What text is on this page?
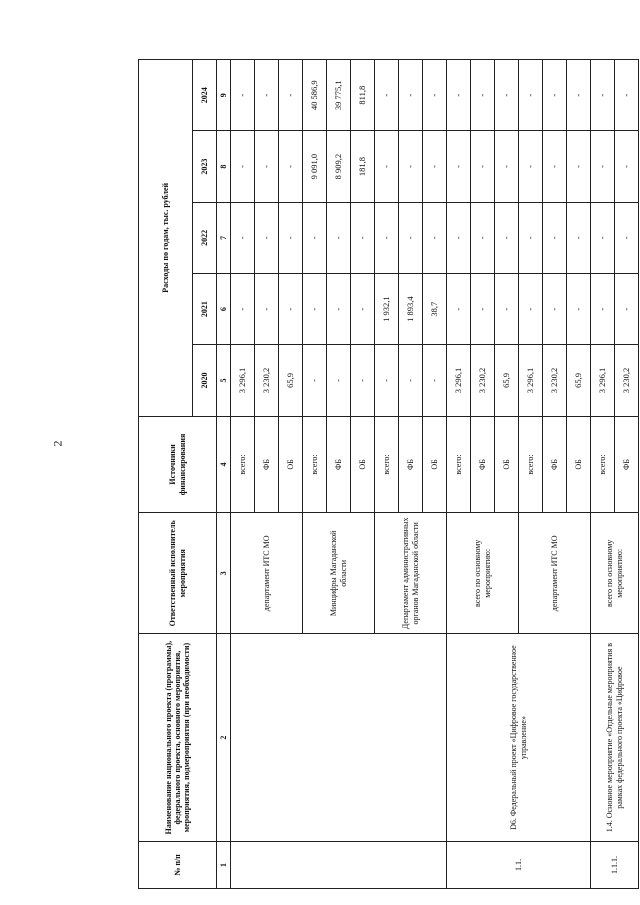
2
№ п/п	Наименование национального проекта (программы), федерального проекта, основного мероприятия, мероприятия, подмероприятия (при необходимости)	Ответственный исполнитель мероприятия	Источники финансирования	Расходы по годам, тыс. рублей				
				2020	2021	2022	2023	2024
1	2	3	4	5	6	7	8	9
		департамент ИТС МО	всего:	3 296,1	-	-	-	-
			ФБ	3 230,2	-	-	-	-
			ОБ	65,9	-	-	-	-
		Минцифры Магаданской области	всего:	-	-	-	9 091,0	40 586,9
			ФБ	-	-	-	8 909,2	39 775,1
			ОБ	-	-	-	181,8	811,8
		Департамент административных органов Магаданской области	всего:	-	1 932,1	-	-	-
			ФБ	-	1 893,4	-	-	-
			ОБ	-	38,7	-	-	-
1.1.	D6. Федеральный проект «Цифровое государственное управление»	всего по основному мероприятию:	всего:	3 296,1	-	-	-	-
			ФБ	3 230,2	-	-	-	-
			ОБ	65,9	-	-	-	-
		департамент ИТС МО	всего:	3 296,1	-	-	-	-
			ФБ	3 230,2	-	-	-	-
			ОБ	65,9	-	-	-	-
1.1.1.	1.4. Основное мероприятие «Отдельные мероприятия в рамках федерального проекта «Цифровое	всего по основному мероприятию:	всего:	3 296,1	-	-	-	-
			ФБ	3 230,2	-	-	-	-
